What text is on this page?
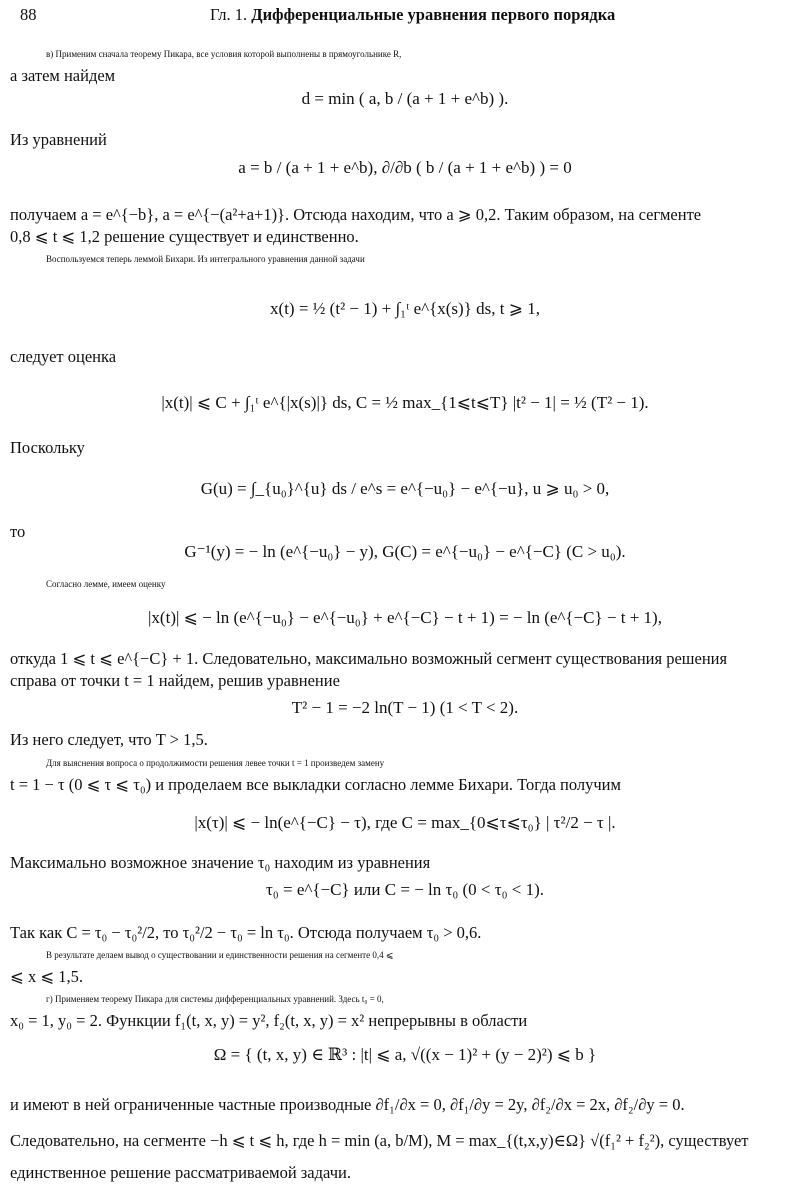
88	Гл. 1. Дифференциальные уравнения первого порядка
в) Применим сначала теорему Пикара, все условия которой выполнены в прямоугольнике R,
а затем найдем
d = min ( a, b / (a + 1 + e^b) ).
Из уравнений
a = b / (a + 1 + e^b), ∂/∂b ( b / (a + 1 + e^b) ) = 0
получаем a = e^{−b}, a = e^{−(a²+a+1)}. Отсюда находим, что a ⩾ 0,2. Таким образом, на сегменте
0,8 ⩽ t ⩽ 1,2 решение существует и единственно.
Воспользуемся теперь леммой Бихари. Из интегрального уравнения данной задачи
x(t) = ½ (t² − 1) + ∫₁ᵗ e^{x(s)} ds, t ⩾ 1,
следует оценка
|x(t)| ⩽ C + ∫₁ᵗ e^{|x(s)|} ds, C = ½ max_{1⩽t⩽T} |t² − 1| = ½ (T² − 1).
Поскольку
G(u) = ∫_{u₀}^{u} ds / e^s = e^{−u₀} − e^{−u}, u ⩾ u₀ > 0,
то
G⁻¹(y) = − ln (e^{−u₀} − y), G(C) = e^{−u₀} − e^{−C} (C > u₀).
Согласно лемме, имеем оценку
|x(t)| ⩽ − ln (e^{−u₀} − e^{−u₀} + e^{−C} − t + 1) = − ln (e^{−C} − t + 1),
откуда 1 ⩽ t ⩽ e^{−C} + 1. Следовательно, максимально возможный сегмент существования решения
справа от точки t = 1 найдем, решив уравнение
T² − 1 = −2 ln(T − 1) (1 < T < 2).
Из него следует, что T > 1,5.
Для выяснения вопроса о продолжимости решения левее точки t = 1 произведем замену
t = 1 − τ (0 ⩽ τ ⩽ τ₀) и проделаем все выкладки согласно лемме Бихари. Тогда получим
|x(τ)| ⩽ − ln(e^{−C} − τ), где C = max_{0⩽τ⩽τ₀} | τ²/2 − τ |.
Максимально возможное значение τ₀ находим из уравнения
τ₀ = e^{−C} или C = − ln τ₀ (0 < τ₀ < 1).
Так как C = τ₀ − τ₀²/2, то τ₀²/2 − τ₀ = ln τ₀. Отсюда получаем τ₀ > 0,6.
В результате делаем вывод о существовании и единственности решения на сегменте 0,4 ⩽
⩽ x ⩽ 1,5.
г) Применяем теорему Пикара для системы дифференциальных уравнений. Здесь t₀ = 0,
x₀ = 1, y₀ = 2. Функции f₁(t, x, y) = y², f₂(t, x, y) = x² непрерывны в области
Ω = { (t, x, y) ∈ ℝ³ : |t| ⩽ a, √((x − 1)² + (y − 2)²) ⩽ b }
и имеют в ней ограниченные частные производные ∂f₁/∂x = 0, ∂f₁/∂y = 2y, ∂f₂/∂x = 2x, ∂f₂/∂y = 0.
Следовательно, на сегменте −h ⩽ t ⩽ h, где h = min (a, b/M), M = max_{(t,x,y)∈Ω} √(f₁² + f₂²), существует
единственное решение рассматриваемой задачи.
